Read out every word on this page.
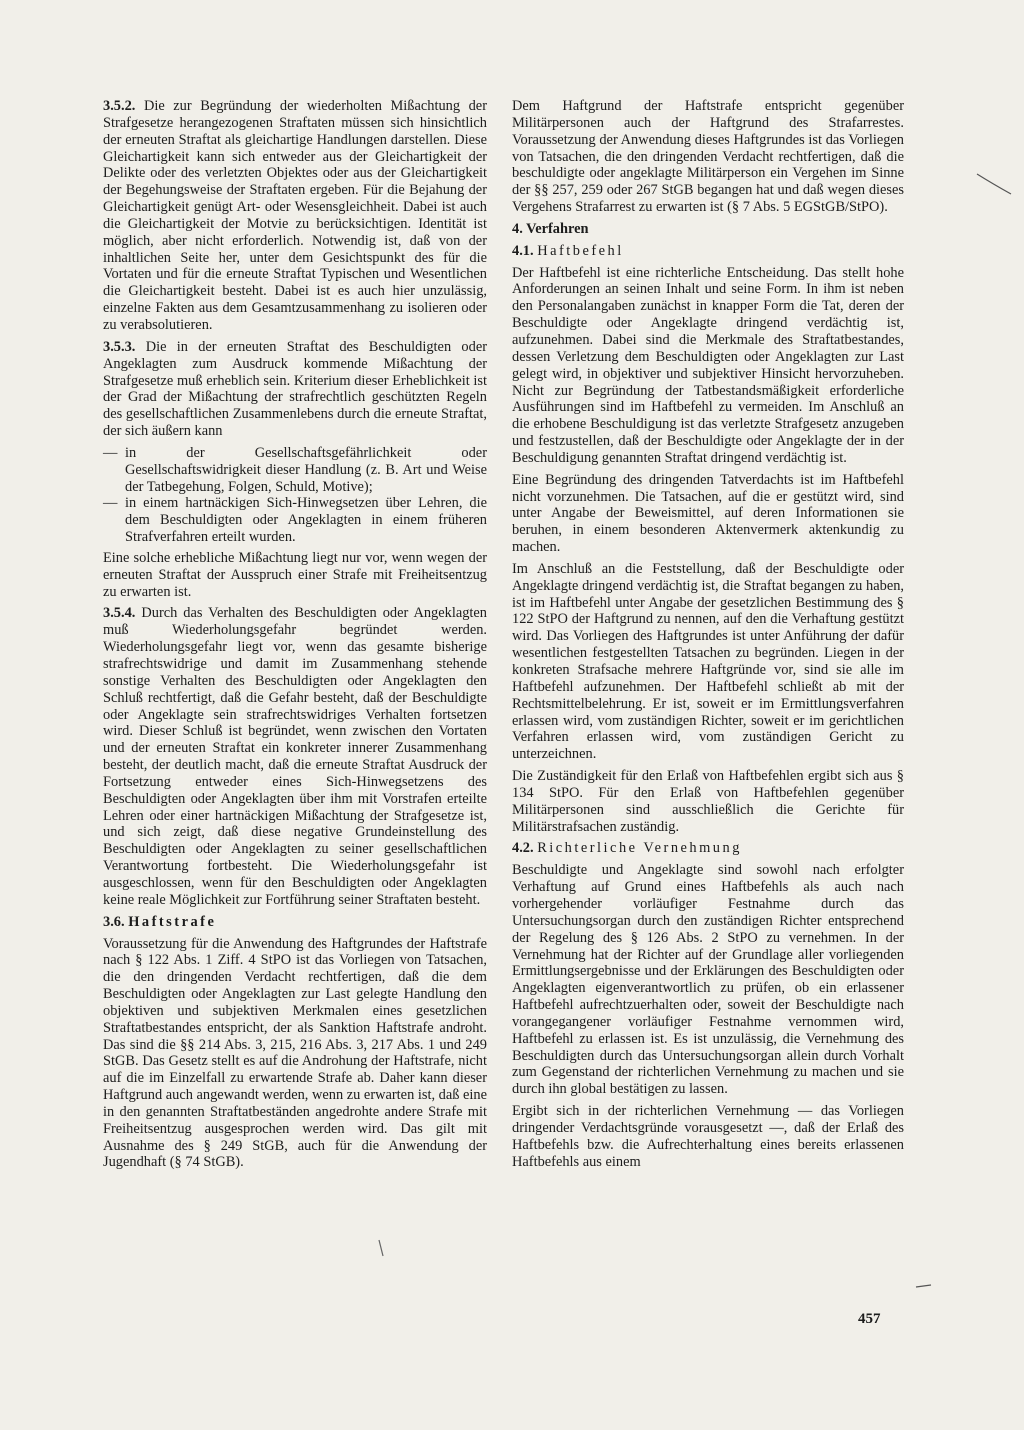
3.5.2. Die zur Begründung der wiederholten Mißachtung der Strafgesetze herangezogenen Straftaten müssen sich hinsichtlich der erneuten Straftat als gleichartige Handlungen darstellen. Diese Gleichartigkeit kann sich entweder aus der Gleichartigkeit der Delikte oder des verletzten Objektes oder aus der Gleichartigkeit der Begehungsweise der Straftaten ergeben. Für die Bejahung der Gleichartigkeit genügt Art- oder Wesensgleichheit. Dabei ist auch die Gleichartigkeit der Motvie zu berücksichtigen. Identität ist möglich, aber nicht erforderlich. Notwendig ist, daß von der inhaltlichen Seite her, unter dem Gesichtspunkt des für die Vortaten und für die erneute Straftat Typischen und Wesentlichen die Gleichartigkeit besteht. Dabei ist es auch hier unzulässig, einzelne Fakten aus dem Gesamtzusammenhang zu isolieren oder zu verabsolutieren.

3.5.3. Die in der erneuten Straftat des Beschuldigten oder Angeklagten zum Ausdruck kommende Mißachtung der Strafgesetze muß erheblich sein. Kriterium dieser Erheblichkeit ist der Grad der Mißachtung der strafrechtlich geschützten Regeln des gesellschaftlichen Zusammenlebens durch die erneute Straftat, der sich äußern kann

— in der Gesellschaftsgefährlichkeit oder Gesellschaftswidrigkeit dieser Handlung (z. B. Art und Weise der Tatbegehung, Folgen, Schuld, Motive);
— in einem hartnäckigen Sich-Hinwegsetzen über Lehren, die dem Beschuldigten oder Angeklagten in einem früheren Strafverfahren erteilt wurden.

Eine solche erhebliche Mißachtung liegt nur vor, wenn wegen der erneuten Straftat der Ausspruch einer Strafe mit Freiheitsentzug zu erwarten ist.

3.5.4. Durch das Verhalten des Beschuldigten oder Angeklagten muß Wiederholungsgefahr begründet werden. Wiederholungsgefahr liegt vor, wenn das gesamte bisherige strafrechtswidrige und damit im Zusammenhang stehende sonstige Verhalten des Beschuldigten oder Angeklagten den Schluß rechtfertigt, daß die Gefahr besteht, daß der Beschuldigte oder Angeklagte sein strafrechtswidriges Verhalten fortsetzen wird. Dieser Schluß ist begründet, wenn zwischen den Vortaten und der erneuten Straftat ein konkreter innerer Zusammenhang besteht, der deutlich macht, daß die erneute Straftat Ausdruck der Fortsetzung entweder eines Sich-Hinwegsetzens des Beschuldigten oder Angeklagten über ihm mit Vorstrafen erteilte Lehren oder einer hartnäckigen Mißachtung der Strafgesetze ist, und sich zeigt, daß diese negative Grundeinstellung des Beschuldigten oder Angeklagten zu seiner gesellschaftlichen Verantwortung fortbesteht. Die Wiederholungsgefahr ist ausgeschlossen, wenn für den Beschuldigten oder Angeklagten keine reale Möglichkeit zur Fortführung seiner Straftaten besteht.

3.6. Haftstrafe

Voraussetzung für die Anwendung des Haftgrundes der Haftstrafe nach § 122 Abs. 1 Ziff. 4 StPO ist das Vorliegen von Tatsachen, die den dringenden Verdacht rechtfertigen, daß die dem Beschuldigten oder Angeklagten zur Last gelegte Handlung den objektiven und subjektiven Merkmalen eines gesetzlichen Straftatbestandes entspricht, der als Sanktion Haftstrafe androht. Das sind die §§ 214 Abs. 3, 215, 216 Abs. 3, 217 Abs. 1 und 249 StGB. Das Gesetz stellt es auf die Androhung der Haftstrafe, nicht auf die im Einzelfall zu erwartende Strafe ab. Daher kann dieser Haftgrund auch angewandt werden, wenn zu erwarten ist, daß eine in den genannten Straftatbeständen angedrohte andere Strafe mit Freiheitsentzug ausgesprochen werden wird. Das gilt mit Ausnahme des § 249 StGB, auch für die Anwendung der Jugendhaft (§ 74 StGB).

Dem Haftgrund der Haftstrafe entspricht gegenüber Militärpersonen auch der Haftgrund des Strafarrestes. Voraussetzung der Anwendung dieses Haftgrundes ist das Vorliegen von Tatsachen, die den dringenden Verdacht rechtfertigen, daß die beschuldigte oder angeklagte Militärperson ein Vergehen im Sinne der §§ 257, 259 oder 267 StGB begangen hat und daß wegen dieses Vergehens Strafarrest zu erwarten ist (§ 7 Abs. 5 EGStGB/StPO).

4. Verfahren

4.1. Haftbefehl

Der Haftbefehl ist eine richterliche Entscheidung. Das stellt hohe Anforderungen an seinen Inhalt und seine Form. In ihm ist neben den Personalangaben zunächst in knapper Form die Tat, deren der Beschuldigte oder Angeklagte dringend verdächtig ist, aufzunehmen. Dabei sind die Merkmale des Straftatbestandes, dessen Verletzung dem Beschuldigten oder Angeklagten zur Last gelegt wird, in objektiver und subjektiver Hinsicht hervorzuheben. Nicht zur Begründung der Tatbestandsmäßigkeit erforderliche Ausführungen sind im Haftbefehl zu vermeiden. Im Anschluß an die erhobene Beschuldigung ist das verletzte Strafgesetz anzugeben und festzustellen, daß der Beschuldigte oder Angeklagte der in der Beschuldigung genannten Straftat dringend verdächtig ist.

Eine Begründung des dringenden Tatverdachts ist im Haftbefehl nicht vorzunehmen. Die Tatsachen, auf die er gestützt wird, sind unter Angabe der Beweismittel, auf deren Informationen sie beruhen, in einem besonderen Aktenvermerk aktenkundig zu machen.

Im Anschluß an die Feststellung, daß der Beschuldigte oder Angeklagte dringend verdächtig ist, die Straftat begangen zu haben, ist im Haftbefehl unter Angabe der gesetzlichen Bestimmung des § 122 StPO der Haftgrund zu nennen, auf den die Verhaftung gestützt wird. Das Vorliegen des Haftgrundes ist unter Anführung der dafür wesentlichen festgestellten Tatsachen zu begründen. Liegen in der konkreten Strafsache mehrere Haftgründe vor, sind sie alle im Haftbefehl aufzunehmen. Der Haftbefehl schließt ab mit der Rechtsmittelbelehrung. Er ist, soweit er im Ermittlungsverfahren erlassen wird, vom zuständigen Richter, soweit er im gerichtlichen Verfahren erlassen wird, vom zuständigen Gericht zu unterzeichnen.

Die Zuständigkeit für den Erlaß von Haftbefehlen ergibt sich aus § 134 StPO. Für den Erlaß von Haftbefehlen gegenüber Militärpersonen sind ausschließlich die Gerichte für Militärstrafsachen zuständig.

4.2. Richterliche Vernehmung

Beschuldigte und Angeklagte sind sowohl nach erfolgter Verhaftung auf Grund eines Haftbefehls als auch nach vorhergehender vorläufiger Festnahme durch das Untersuchungsorgan durch den zuständigen Richter entsprechend der Regelung des § 126 Abs. 2 StPO zu vernehmen. In der Vernehmung hat der Richter auf der Grundlage aller vorliegenden Ermittlungsergebnisse und der Erklärungen des Beschuldigten oder Angeklagten eigenverantwortlich zu prüfen, ob ein erlassener Haftbefehl aufrechtzuerhalten oder, soweit der Beschuldigte nach vorangegangener vorläufiger Festnahme vernommen wird, Haftbefehl zu erlassen ist. Es ist unzulässig, die Vernehmung des Beschuldigten durch das Untersuchungsorgan allein durch Vorhalt zum Gegenstand der richterlichen Vernehmung zu machen und sie durch ihn global bestätigen zu lassen.

Ergibt sich in der richterlichen Vernehmung — das Vorliegen dringender Verdachtsgründe vorausgesetzt —, daß der Erlaß des Haftbefehls bzw. die Aufrechterhaltung eines bereits erlassenen Haftbefehls aus einem

457
